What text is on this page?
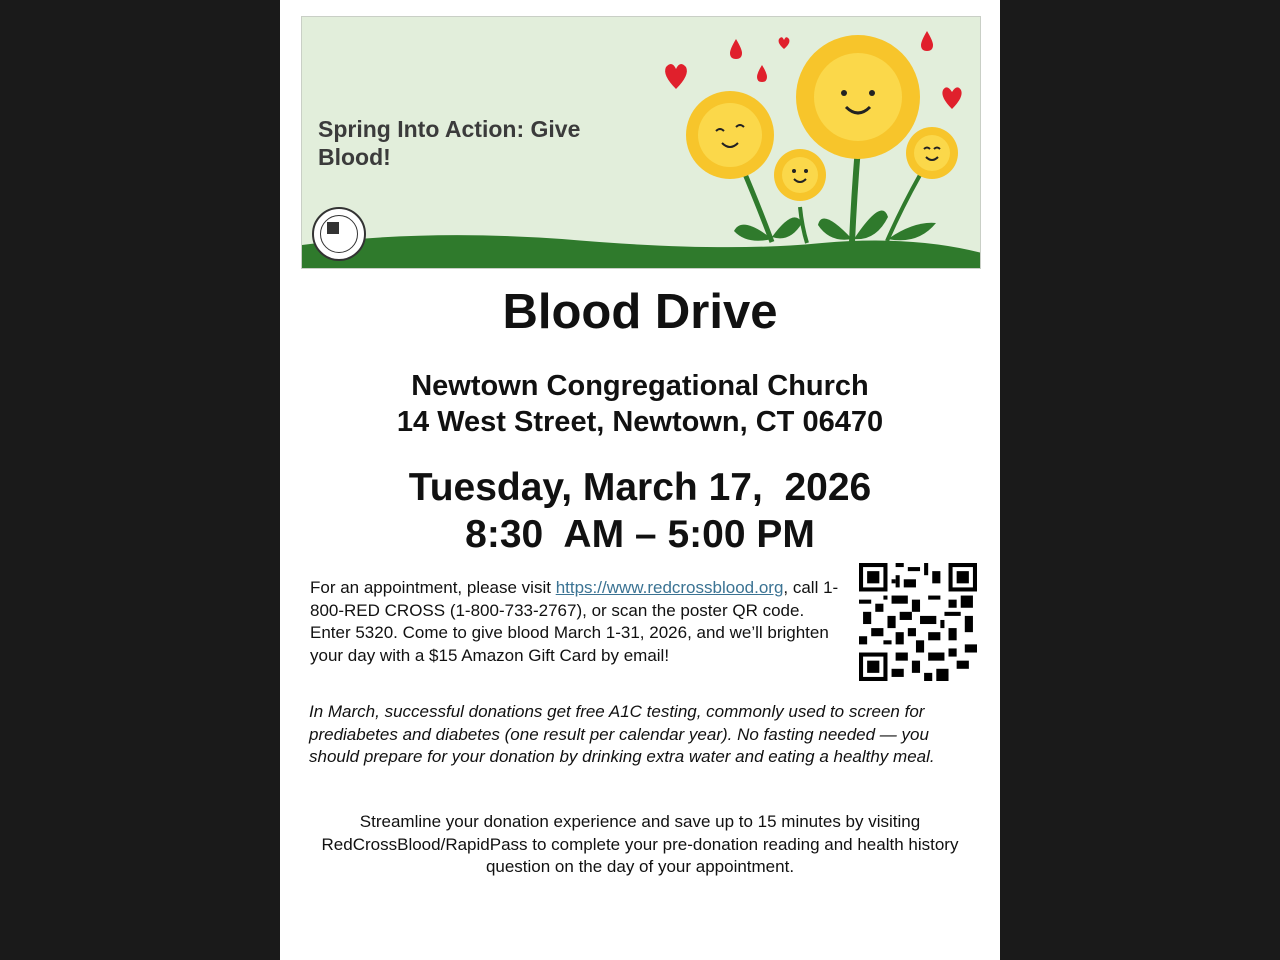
Spring Into Action: Give Blood!
Blood Drive
Newtown Congregational Church
14 West Street, Newtown, CT 06470
Tuesday, March 17,  2026
8:30  AM – 5:00 PM
For an appointment, please visit https://www.redcrossblood.org, call 1-800-RED CROSS (1-800-733-2767), or scan the poster QR code. Enter 5320. Come to give blood March 1-31, 2026, and we’ll brighten your day with a $15 Amazon Gift Card by email!
In March, successful donations get free A1C testing, commonly used to screen for prediabetes and diabetes (one result per calendar year). No fasting needed — you should prepare for your donation by drinking extra water and eating a healthy meal.
Streamline your donation experience and save up to 15 minutes by visiting RedCrossBlood/RapidPass to complete your pre-donation reading and health history question on the day of your appointment.
